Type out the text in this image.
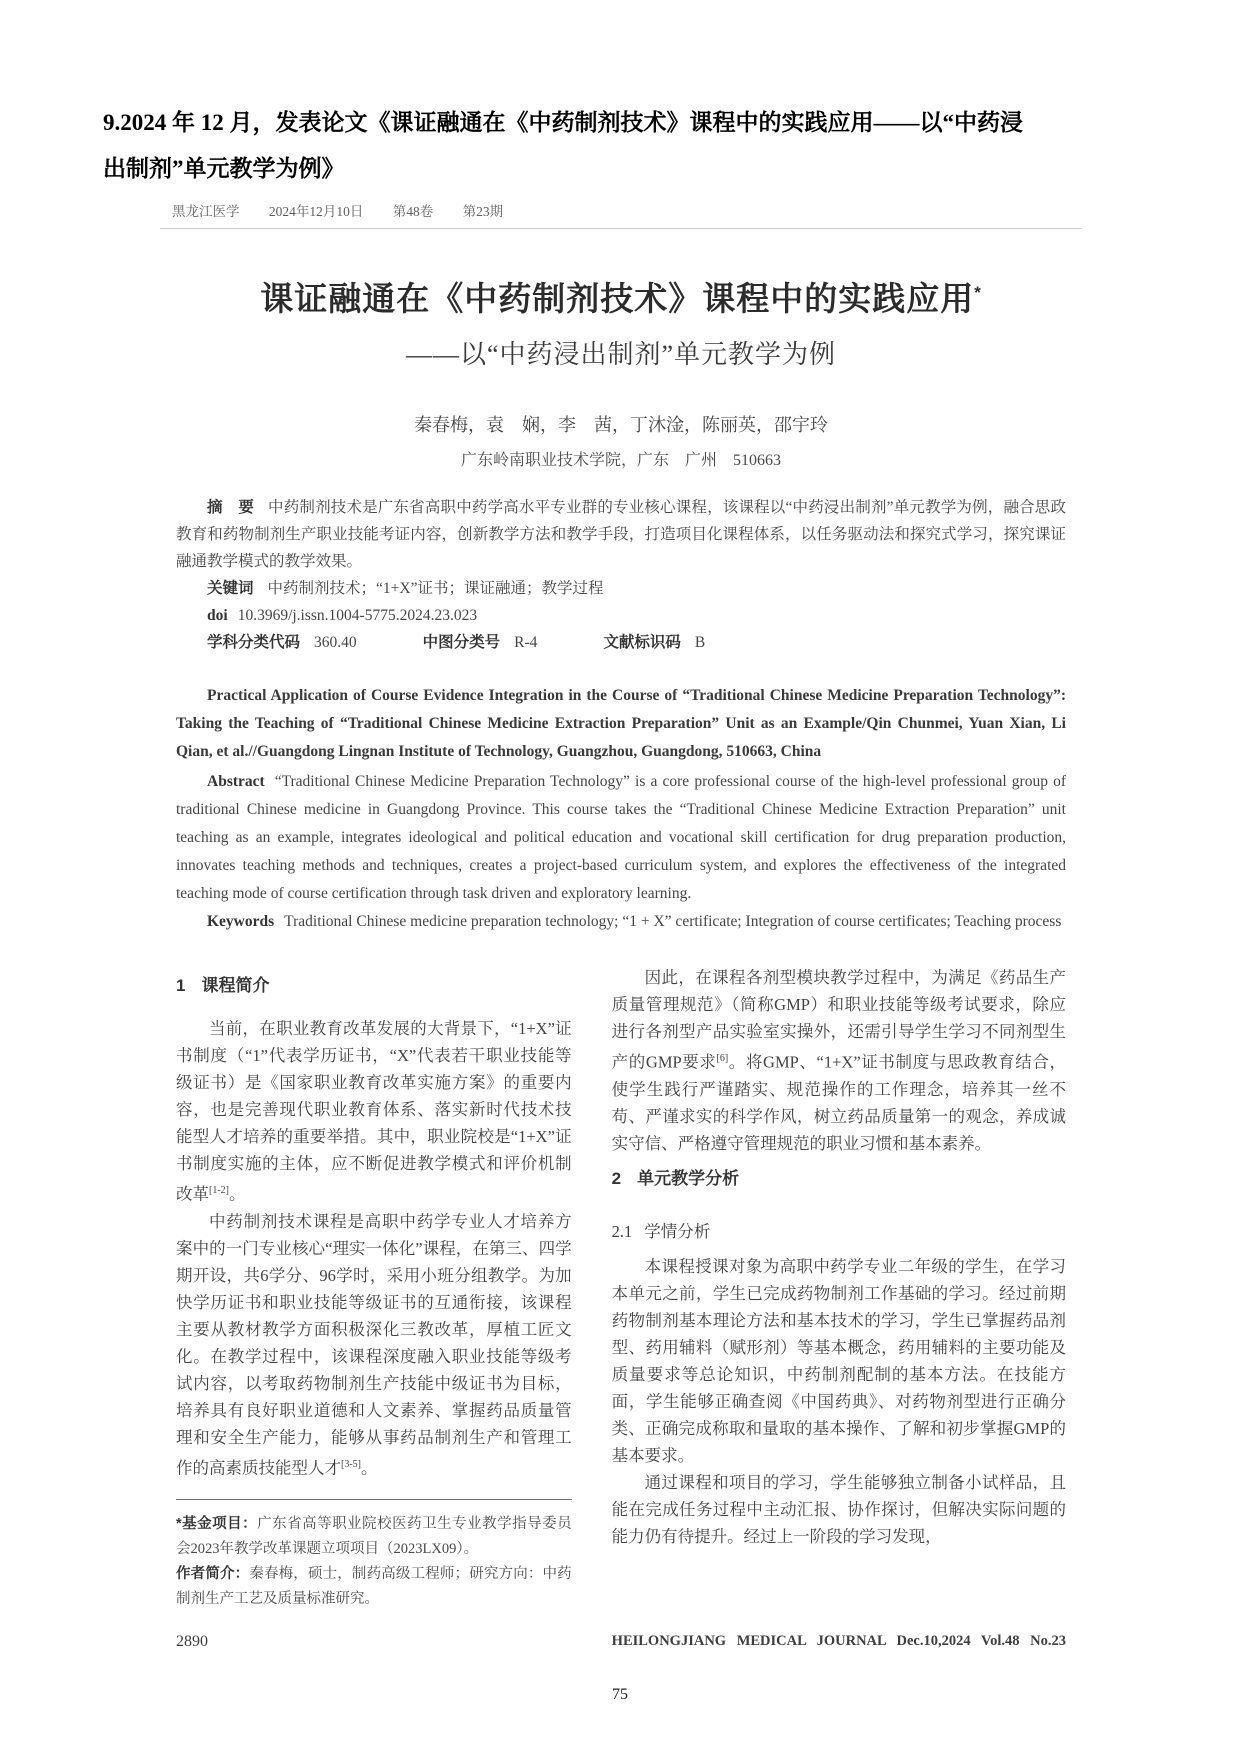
9.2024 年 12 月，发表论文《课证融通在《中药制剂技术》课程中的实践应用——以“中药浸出制剂”单元教学为例》
黑龙江医学 2024年12月10日 第48卷 第23期
课证融通在《中药制剂技术》课程中的实践应用*
——以“中药浸出制剂”单元教学为例
秦春梅，袁　娴，李　茜，丁沐淦，陈丽英，邵宇玲
广东岭南职业技术学院，广东　广州　510663

摘　要 中药制剂技术是广东省高职中药学高水平专业群的专业核心课程，该课程以“中药浸出制剂”单元教学为例，融合思政教育和药物制剂生产职业技能考证内容，创新教学方法和教学手段，打造项目化课程体系，以任务驱动法和探究式学习，探究课证融通教学模式的教学效果。

关键词 中药制剂技术；“1+X”证书；课证融通；教学过程

doi 10.3969/j.issn.1004-5775.2024.23.023

学科分类代码 360.40	中图分类号 R-4	文献标识码 B

Practical Application of Course Evidence Integration in the Course of “Traditional Chinese Medicine Preparation Technology”: Taking the Teaching of “Traditional Chinese Medicine Extraction Preparation” Unit as an Example/Qin Chunmei, Yuan Xian, Li Qian, et al.//Guangdong Lingnan Institute of Technology, Guangzhou, Guangdong, 510663, China

Abstract “Traditional Chinese Medicine Preparation Technology” is a core professional course of the high-level professional group of traditional Chinese medicine in Guangdong Province. This course takes the “Traditional Chinese Medicine Extraction Preparation” unit teaching as an example, integrates ideological and political education and vocational skill certification for drug preparation production, innovates teaching methods and techniques, creates a project-based curriculum system, and explores the effectiveness of the integrated teaching mode of course certification through task driven and exploratory learning.

Keywords Traditional Chinese medicine preparation technology; “1 + X” certificate; Integration of course certificates; Teaching process

1 课程简介

当前，在职业教育改革发展的大背景下，“1+X”证书制度（“1”代表学历证书，“X”代表若干职业技能等级证书）是《国家职业教育改革实施方案》的重要内容，也是完善现代职业教育体系、落实新时代技术技能型人才培养的重要举措。其中，职业院校是“1+X”证书制度实施的主体，应不断促进教学模式和评价机制改革[1-2]。

中药制剂技术课程是高职中药学专业人才培养方案中的一门专业核心“理实一体化”课程，在第三、四学期开设，共6学分、96学时，采用小班分组教学。为加快学历证书和职业技能等级证书的互通衔接，该课程主要从教材教学方面积极深化三教改革，厚植工匠文化。在教学过程中，该课程深度融入职业技能等级考试内容，以考取药物制剂生产技能中级证书为目标，培养具有良好职业道德和人文素养、掌握药品质量管理和安全生产能力，能够从事药品制剂生产和管理工作的高素质技能型人才[3-5]。

*基金项目：广东省高等职业院校医药卫生专业教学指导委员会2023年教学改革课题立项项目（2023LX09）。

作者简介：秦春梅，硕士，制药高级工程师；研究方向：中药制剂生产工艺及质量标准研究。

2890

因此，在课程各剂型模块教学过程中，为满足《药品生产质量管理规范》（简称GMP）和职业技能等级考试要求，除应进行各剂型产品实验室实操外，还需引导学生学习不同剂型生产的GMP要求[6]。将GMP、“1+X”证书制度与思政教育结合，使学生践行严谨踏实、规范操作的工作理念，培养其一丝不苟、严谨求实的科学作风，树立药品质量第一的观念，养成诚实守信、严格遵守管理规范的职业习惯和基本素养。

2 单元教学分析
2.1 学情分析

本课程授课对象为高职中药学专业二年级的学生，在学习本单元之前，学生已完成药物制剂工作基础的学习。经过前期药物制剂基本理论方法和基本技术的学习，学生已掌握药品剂型、药用辅料（赋形剂）等基本概念，药用辅料的主要功能及质量要求等总论知识，中药制剂配制的基本方法。在技能方面，学生能够正确查阅《中国药典》、对药物剂型进行正确分类、正确完成称取和量取的基本操作、了解和初步掌握GMP的基本要求。

通过课程和项目的学习，学生能够独立制备小试样品，且能在完成任务过程中主动汇报、协作探讨，但解决实际问题的能力仍有待提升。经过上一阶段的学习发现，

HEILONGJIANG MEDICAL JOURNAL Dec.10,2024 Vol.48 No.23
75
